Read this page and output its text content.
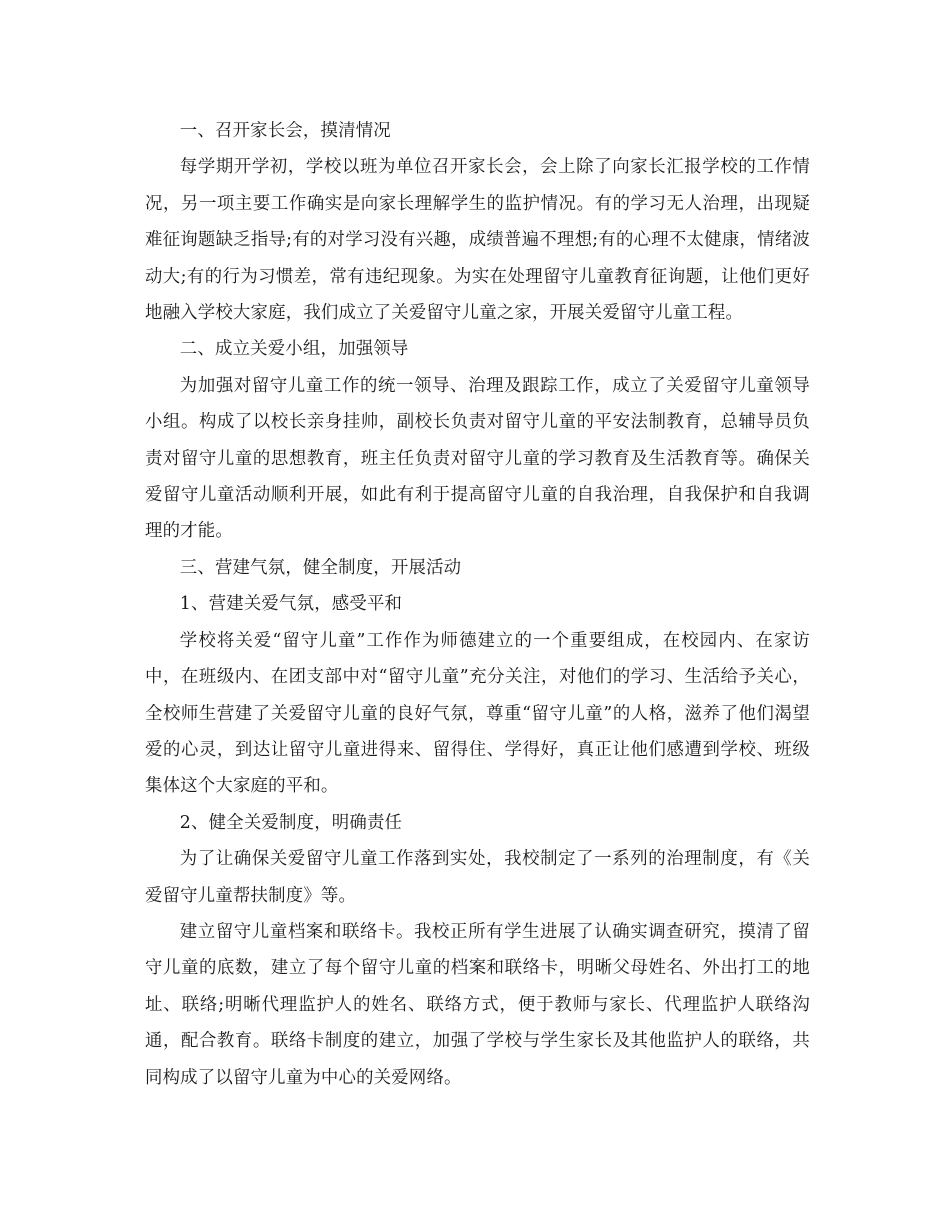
一、召开家长会，摸清情况

每学期开学初，学校以班为单位召开家长会，会上除了向家长汇报学校的工作情况，另一项主要工作确实是向家长理解学生的监护情况。有的学习无人治理，出现疑难征询题缺乏指导;有的对学习没有兴趣，成绩普遍不理想;有的心理不太健康，情绪波动大;有的行为习惯差，常有违纪现象。为实在处理留守儿童教育征询题，让他们更好地融入学校大家庭，我们成立了关爱留守儿童之家，开展关爱留守儿童工程。

二、成立关爱小组，加强领导

为加强对留守儿童工作的统一领导、治理及跟踪工作，成立了关爱留守儿童领导小组。构成了以校长亲身挂帅，副校长负责对留守儿童的平安法制教育，总辅导员负责对留守儿童的思想教育，班主任负责对留守儿童的学习教育及生活教育等。确保关爱留守儿童活动顺利开展，如此有利于提高留守儿童的自我治理，自我保护和自我调理的才能。

三、营建气氛，健全制度，开展活动

1、营建关爱气氛，感受平和

学校将关爱“留守儿童”工作作为师德建立的一个重要组成，在校园内、在家访中，在班级内、在团支部中对“留守儿童”充分关注，对他们的学习、生活给予关心，全校师生营建了关爱留守儿童的良好气氛，尊重“留守儿童”的人格，滋养了他们渴望爱的心灵，到达让留守儿童进得来、留得住、学得好，真正让他们感遭到学校、班级集体这个大家庭的平和。

2、健全关爱制度，明确责任

为了让确保关爱留守儿童工作落到实处，我校制定了一系列的治理制度，有《关爱留守儿童帮扶制度》等。

建立留守儿童档案和联络卡。我校正所有学生进展了认确实调查研究，摸清了留守儿童的底数，建立了每个留守儿童的档案和联络卡，明晰父母姓名、外出打工的地址、联络;明晰代理监护人的姓名、联络方式，便于教师与家长、代理监护人联络沟通，配合教育。联络卡制度的建立，加强了学校与学生家长及其他监护人的联络，共同构成了以留守儿童为中心的关爱网络。
